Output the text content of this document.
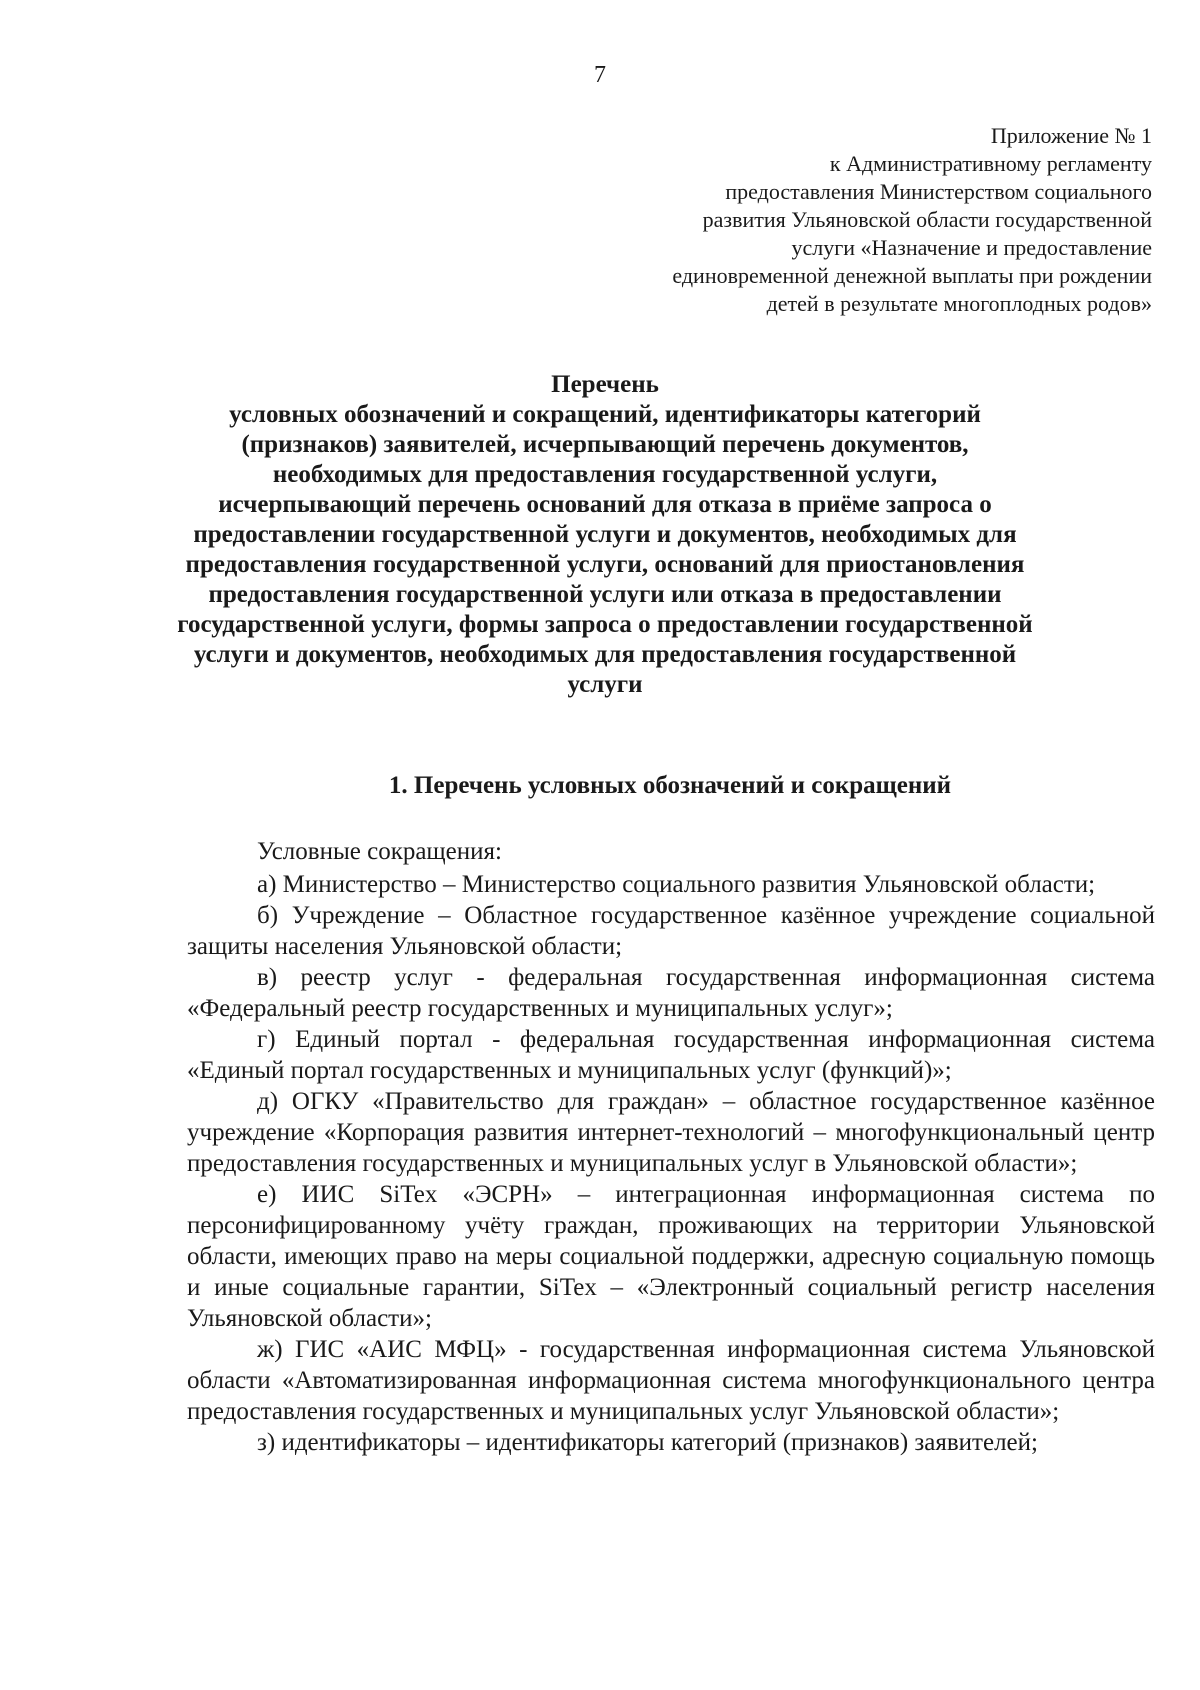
7
Приложение № 1
к Административному регламенту
предоставления Министерством социального
развития Ульяновской области государственной
услуги «Назначение и предоставление
единовременной денежной выплаты при рождении
детей в результате многоплодных родов»
Перечень
условных обозначений и сокращений, идентификаторы категорий
(признаков) заявителей, исчерпывающий перечень документов,
необходимых для предоставления государственной услуги,
исчерпывающий перечень оснований для отказа в приёме запроса о
предоставлении государственной услуги и документов, необходимых для
предоставления государственной услуги, оснований для приостановления
предоставления государственной услуги или отказа в предоставлении
государственной услуги, формы запроса о предоставлении государственной
услуги и документов, необходимых для предоставления государственной
услуги
1. Перечень условных обозначений и сокращений

Условные сокращения:

а) Министерство – Министерство социального развития Ульяновской области;

б) Учреждение – Областное государственное казённое учреждение социальной защиты населения Ульяновской области;

в) реестр услуг - федеральная государственная информационная система «Федеральный реестр государственных и муниципальных услуг»;

г) Единый портал - федеральная государственная информационная система «Единый портал государственных и муниципальных услуг (функций)»;

д) ОГКУ «Правительство для граждан» – областное государственное казённое учреждение «Корпорация развития интернет-технологий – многофункциональный центр предоставления государственных и муниципальных услуг в Ульяновской области»;

е) ИИС SiTex «ЭСРН» – интеграционная информационная система по персонифицированному учёту граждан, проживающих на территории Ульяновской области, имеющих право на меры социальной поддержки, адресную социальную помощь и иные социальные гарантии, SiTex – «Электронный социальный регистр населения Ульяновской области»;

ж) ГИС «АИС МФЦ» - государственная информационная система Ульяновской области «Автоматизированная информационная система многофункционального центра предоставления государственных и муниципальных услуг Ульяновской области»;

з) идентификаторы – идентификаторы категорий (признаков) заявителей;
